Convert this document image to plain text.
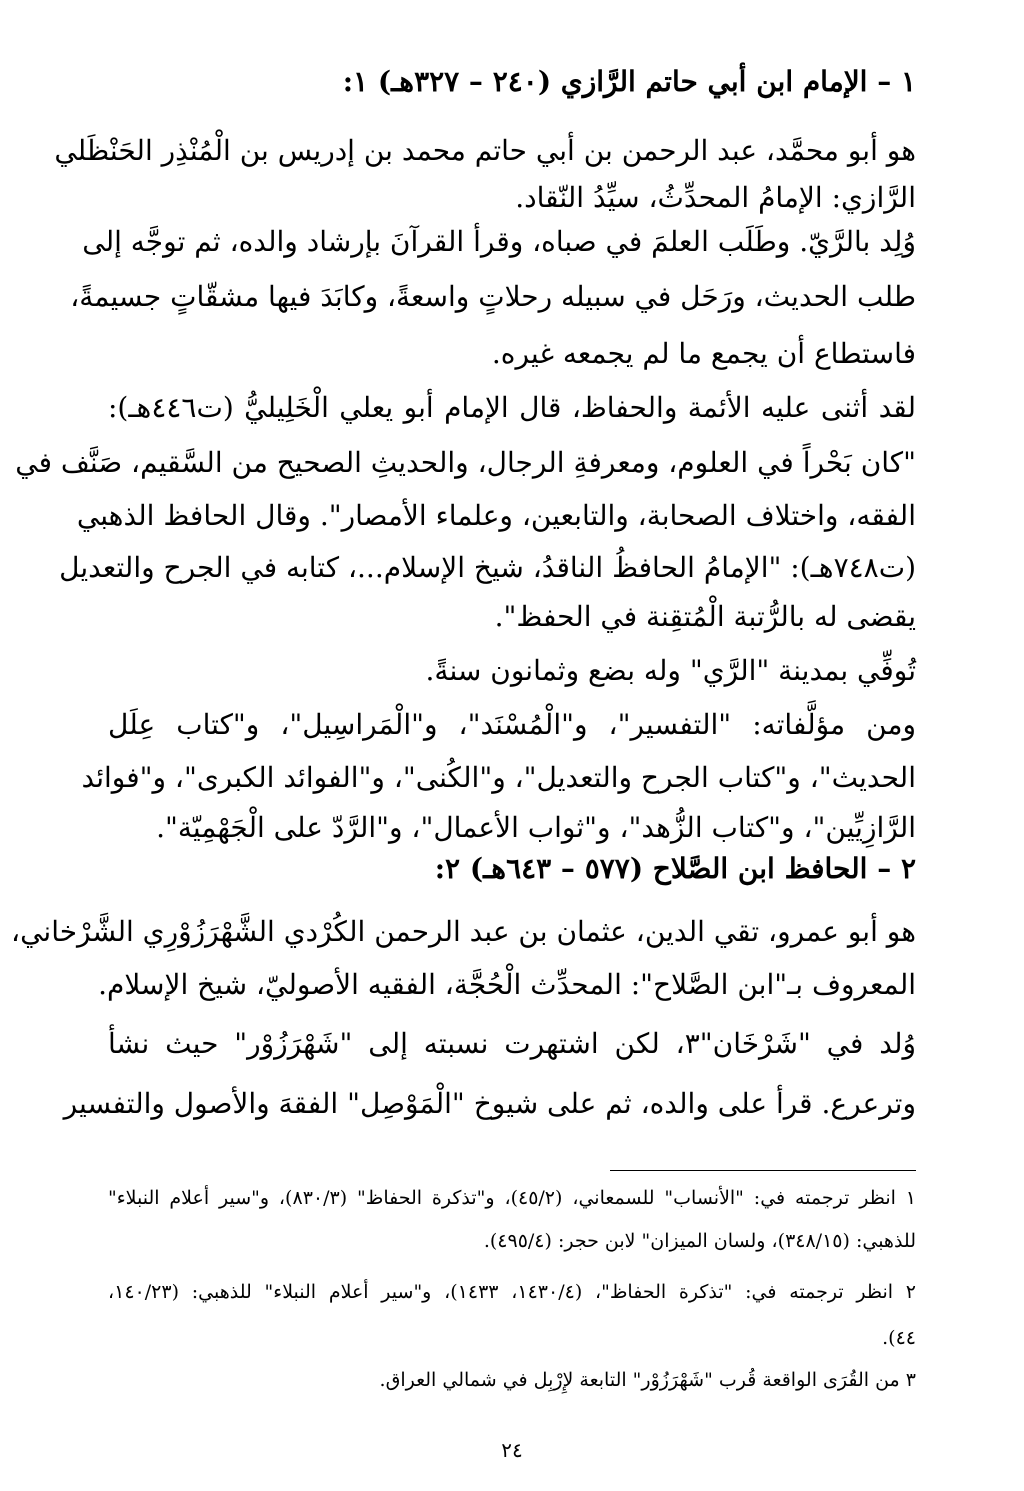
١ – الإمام ابن أبي حاتم الرَّازي (٢٤٠ – ٣٢٧هـ) ١:
هو أبو محمَّد، عبد الرحمن بن أبي حاتم محمد بن إدريس بن الْمُنْذِر الحَنْظَلي
الرَّازي: الإمامُ المحدِّثُ، سيِّدُ النّقاد.
وُلِد بالرَّيّ. وطَلَب العلمَ في صباه، وقرأ القرآنَ بإرشاد والده، ثم توجَّه إلى
طلب الحديث، ورَحَل في سبيله رحلاتٍ واسعةً، وكابَدَ فيها مشقّاتٍ جسيمةً،
فاستطاع أن يجمع ما لم يجمعه غيره.
لقد أثنى عليه الأئمة والحفاظ، قال الإمام أبو يعلي الْخَلِيليُّ (ت٤٤٦هـ):
"كان بَحْراً في العلوم، ومعرفةِ الرجال، والحديثِ الصحيح من السَّقيم، صَنَّف في
الفقه، واختلاف الصحابة، والتابعين، وعلماء الأمصار". وقال الحافظ الذهبي
(ت٧٤٨هـ): "الإمامُ الحافظُ الناقدُ، شيخ الإسلام...، كتابه في الجرح والتعديل
يقضى له بالرُّتبة الْمُتقِنة في الحفظ".
تُوفِّي بمدينة "الرَّي" وله بضع وثمانون سنةً.
ومن مؤلَّفاته: "التفسير"، و"الْمُسْنَد"، و"الْمَراسِيل"، و"كتاب عِلَل
الحديث"، و"كتاب الجرح والتعديل"، و"الكُنى"، و"الفوائد الكبرى"، و"فوائد
الرَّازِيِّين"، و"كتاب الزُّهد"، و"ثواب الأعمال"، و"الرَّدّ على الْجَهْمِيّة".
٢ – الحافظ ابن الصَّلاح (٥٧٧ – ٦٤٣هـ) ٢:
هو أبو عمرو، تقي الدين، عثمان بن عبد الرحمن الكُرْدي الشَّهْرَزُوْرِي الشَّرْخاني،
المعروف بـ"ابن الصَّلاح": المحدِّث الْحُجَّة، الفقيه الأصوليّ، شيخ الإسلام.
وُلد في "شَرْخَان"٣، لكن اشتهرت نسبته إلى "شَهْرَزُوْر" حيث نشأ
وترعرع. قرأ على والده، ثم على شيوخ "الْمَوْصِل" الفقهَ والأصول والتفسير
١ انظر ترجمته في: "الأنساب" للسمعاني، (٤٥/٢)، و"تذكرة الحفاظ" (٨٣٠/٣)، و"سير أعلام النبلاء"
للذهبي: (٣٤٨/١٥)، ولسان الميزان" لابن حجر: (٤٩٥/٤).
٢ انظر ترجمته في: "تذكرة الحفاظ"، (١٤٣٠/٤، ١٤٣٣)، و"سير أعلام النبلاء" للذهبي: (١٤٠/٢٣،
٤٤).
٣ من القُرَى الواقعة قُرب "شَهْرَزُوْر" التابعة لإِرْبِل في شمالي العراق.
٢٤
